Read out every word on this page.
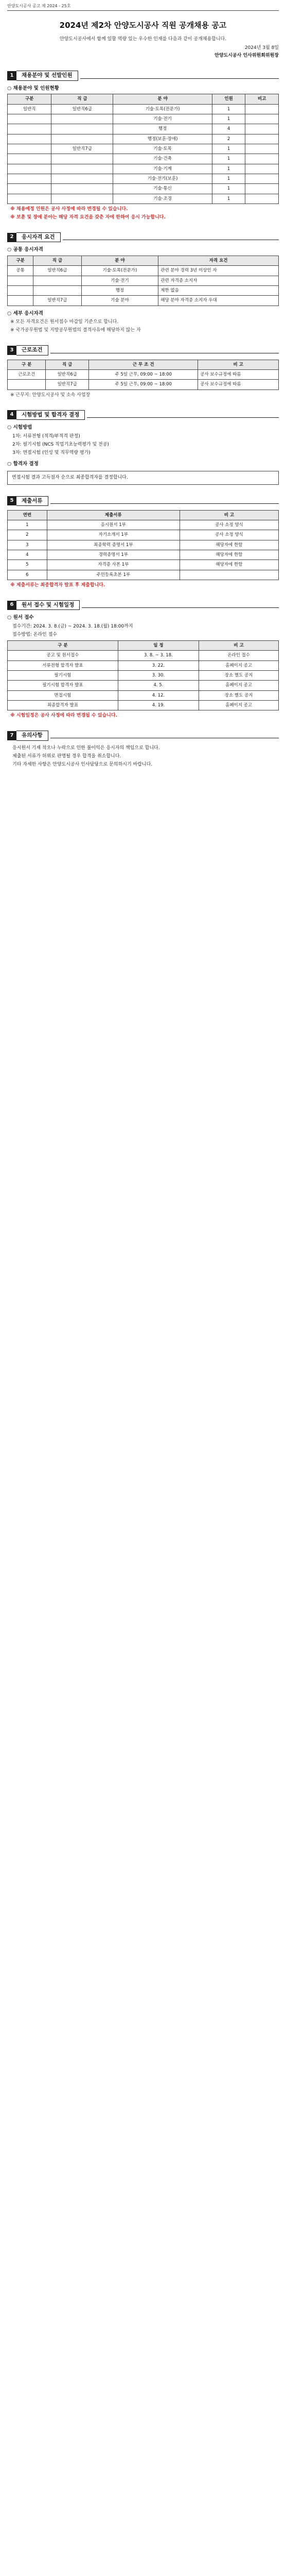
안양도시공사 공고 제 2024 - 25호
2024년 제2차 안양도시공사 직원 공개채용 공고
안양도시공사에서 함께 일할 역량 있는 우수한 인재를 다음과 같이 공개채용합니다.
2024년 3월 8일
안양도시공사 인사위원회위원장
1	채용분야 및 선발인원
○ 채용분야 및 인원현황
구분	직 급	분 야	인원	비고
일반직	일반직6급	기술·토목(전문가)	1	
		기술·전기	1	
		행정	4	
		행정(보훈·장애)	2	
	일반직7급	기술·토목	1	
		기술·건축	1	
		기술·기계	1	
		기술·전기(보훈)	1	
		기술·통신	1	
		기술·조경	1	
※ 채용예정 인원은 공사 사정에 따라 변경될 수 있습니다.
※ 보훈 및 장애 분야는 해당 자격 요건을 갖춘 자에 한하여 응시 가능합니다.
2	응시자격 요건
○ 공통 응시자격
구분	직 급	분 야	자격 요건
공통	일반직6급	기술·토목(전문가)	관련 분야 경력 3년 이상인 자
		기술·전기	관련 자격증 소지자
		행정	제한 없음
	일반직7급	기술 분야	해당 분야 자격증 소지자 우대
○ 세부 응시자격
※ 모든 자격요건은 원서접수 마감일 기준으로 합니다.
※ 국가공무원법 및 지방공무원법의 결격사유에 해당하지 않는 자
3	근로조건
구 분	직 급	근 무 조 건	비 고
근로조건	일반직6급	주 5일 근무, 09:00 ~ 18:00	공사 보수규정에 따름
	일반직7급	주 5일 근무, 09:00 ~ 18:00	공사 보수규정에 따름
※ 근무지: 안양도시공사 및 소속 사업장
4	시험방법 및 합격자 결정
○ 시험방법
1차: 서류전형 (적격/부적격 판정)
2차: 필기시험 (NCS 직업기초능력평가 및 전공)
3차: 면접시험 (인성 및 직무역량 평가)
○ 합격자 결정
면접시험 결과 고득점자 순으로 최종합격자를 결정합니다.
5	제출서류
연번	제출서류	비 고
1	응시원서 1부	공사 소정 양식
2	자기소개서 1부	공사 소정 양식
3	최종학력 증명서 1부	해당자에 한함
4	경력증명서 1부	해당자에 한함
5	자격증 사본 1부	해당자에 한함
6	주민등록초본 1부	
※ 제출서류는 최종합격자 발표 후 제출합니다.
6	원서 접수 및 시험일정
○ 원서 접수
접수기간: 2024. 3. 8.(금) ~ 2024. 3. 18.(월) 18:00까지
접수방법: 온라인 접수
구 분	일 정	비 고
공고 및 원서접수	3. 8. ~ 3. 18.	온라인 접수
서류전형 합격자 발표	3. 22.	홈페이지 공고
필기시험	3. 30.	장소 별도 공지
필기시험 합격자 발표	4. 5.	홈페이지 공고
면접시험	4. 12.	장소 별도 공지
최종합격자 발표	4. 19.	홈페이지 공고
※ 시험일정은 공사 사정에 따라 변경될 수 있습니다.
7	유의사항
응시원서 기재 착오나 누락으로 인한 불이익은 응시자의 책임으로 합니다.
제출된 서류가 허위로 판명될 경우 합격을 취소합니다.
기타 자세한 사항은 안양도시공사 인사담당으로 문의하시기 바랍니다.
